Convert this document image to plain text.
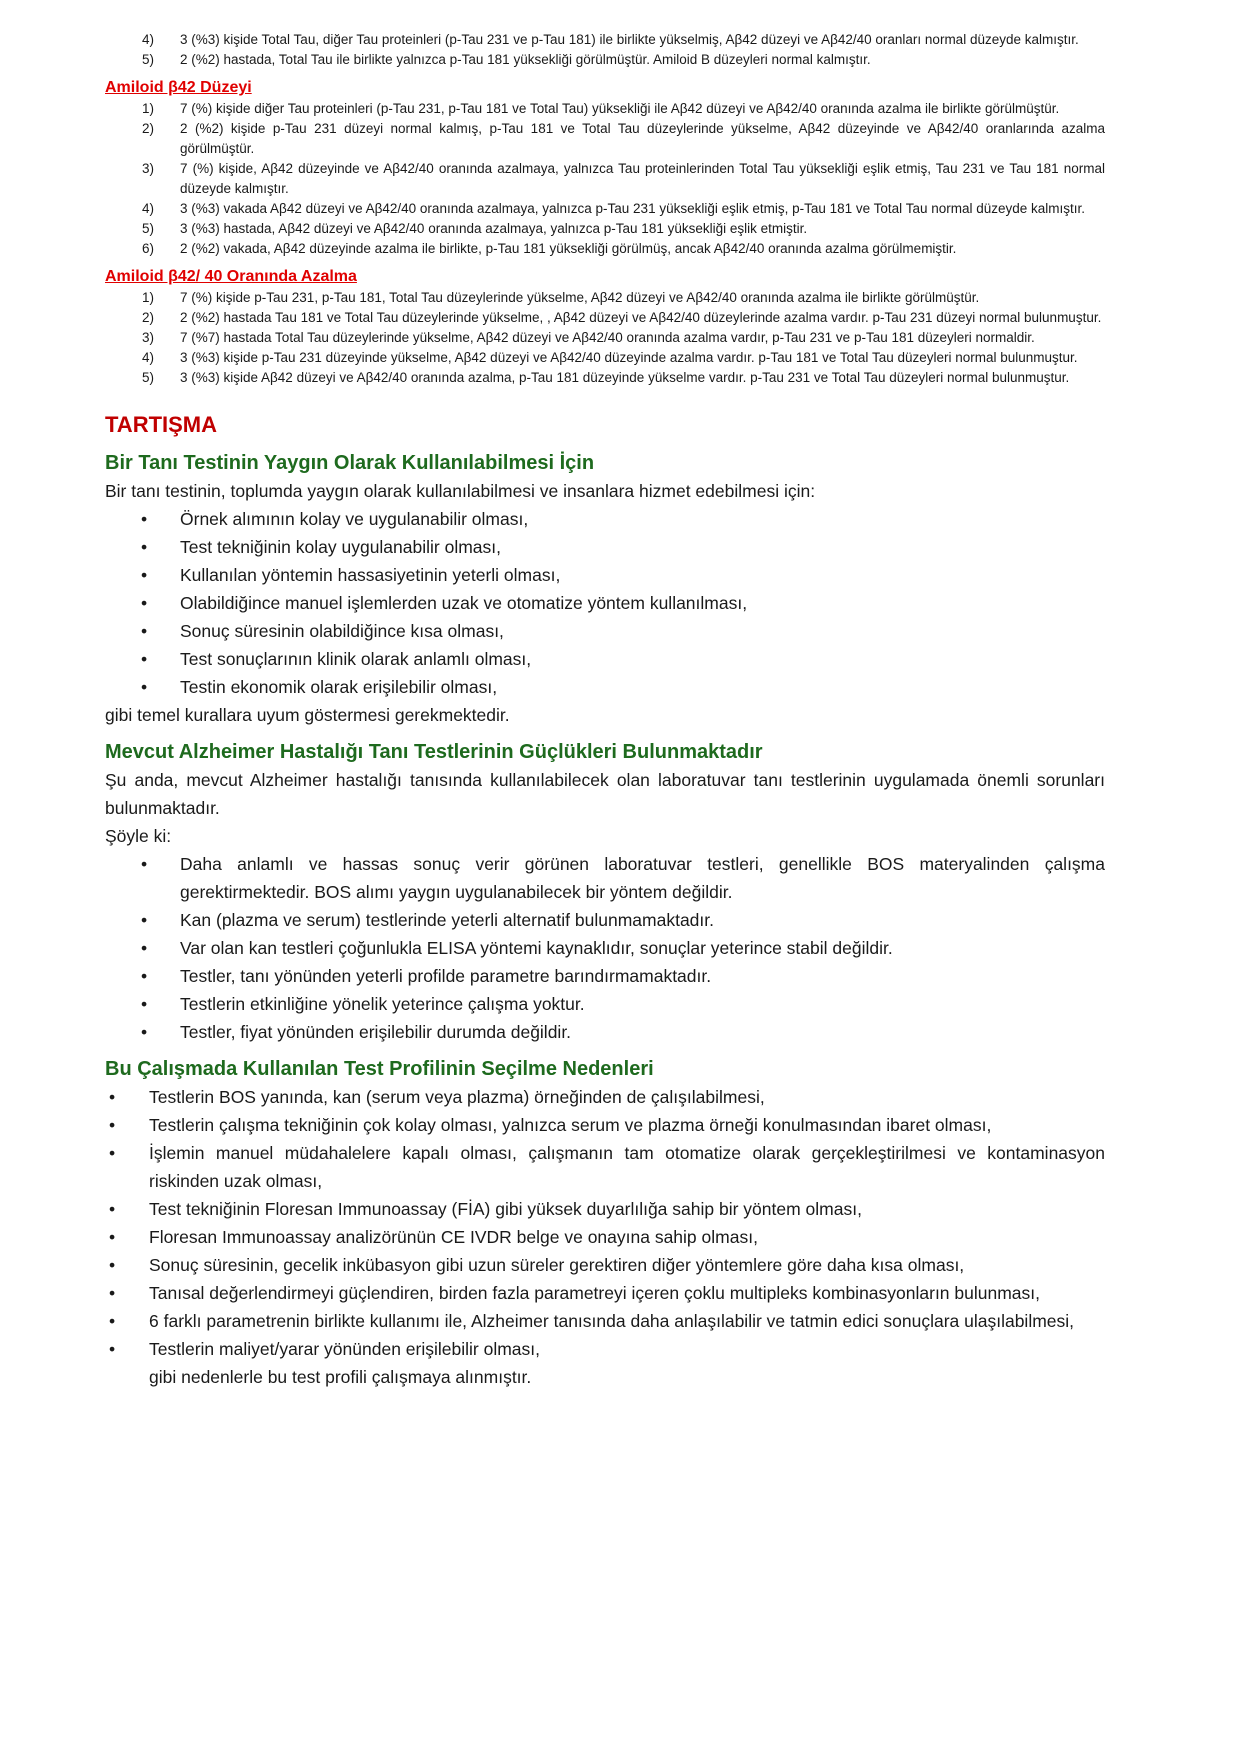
4)	3 (%3) kişide Total Tau, diğer Tau proteinleri (p-Tau 231 ve p-Tau 181) ile birlikte yükselmiş, Aβ42 düzeyi ve Aβ42/40 oranları normal düzeyde kalmıştır.
5)	2 (%2) hastada, Total Tau ile birlikte yalnızca p-Tau 181 yüksekliği görülmüştür. Amiloid B düzeyleri normal kalmıştır.
Amiloid β42 Düzeyi
1)	7 (%) kişide diğer Tau proteinleri (p-Tau 231, p-Tau 181 ve Total Tau) yüksekliği ile Aβ42 düzeyi ve Aβ42/40 oranında azalma ile birlikte görülmüştür.
2)	2 (%2) kişide p-Tau 231 düzeyi normal kalmış, p-Tau 181 ve Total Tau düzeylerinde yükselme, Aβ42 düzeyinde ve Aβ42/40 oranlarında azalma görülmüştür.
3)	7 (%) kişide, Aβ42 düzeyinde ve Aβ42/40 oranında azalmaya, yalnızca Tau proteinlerinden Total Tau yüksekliği eşlik etmiş, Tau 231 ve Tau 181 normal düzeyde kalmıştır.
4)	3 (%3) vakada Aβ42 düzeyi ve Aβ42/40 oranında azalmaya, yalnızca p-Tau 231 yüksekliği eşlik etmiş, p-Tau 181 ve Total Tau normal düzeyde kalmıştır.
5)	3 (%3) hastada, Aβ42 düzeyi ve Aβ42/40 oranında azalmaya, yalnızca p-Tau 181 yüksekliği eşlik etmiştir.
6)	2 (%2) vakada, Aβ42 düzeyinde azalma ile birlikte, p-Tau 181 yüksekliği görülmüş, ancak Aβ42/40 oranında azalma görülmemiştir.
Amiloid β42/ 40 Oranında Azalma
1)	7 (%) kişide p-Tau 231, p-Tau 181, Total Tau düzeylerinde yükselme, Aβ42 düzeyi ve Aβ42/40 oranında azalma ile birlikte görülmüştür.
2)	2 (%2) hastada Tau 181 ve Total Tau düzeylerinde yükselme, , Aβ42 düzeyi ve Aβ42/40 düzeylerinde azalma vardır. p-Tau 231 düzeyi normal bulunmuştur.
3)	7 (%7) hastada Total Tau düzeylerinde yükselme, Aβ42 düzeyi ve Aβ42/40 oranında azalma vardır, p-Tau 231 ve p-Tau 181 düzeyleri normaldir.
4)	3 (%3) kişide p-Tau 231 düzeyinde yükselme, Aβ42 düzeyi ve Aβ42/40 düzeyinde azalma vardır. p-Tau 181 ve Total Tau düzeyleri normal bulunmuştur.
5)	3 (%3) kişide Aβ42 düzeyi ve Aβ42/40 oranında azalma, p-Tau 181 düzeyinde yükselme vardır. p-Tau 231 ve Total Tau düzeyleri normal bulunmuştur.
TARTIŞMA
Bir Tanı Testinin Yaygın Olarak Kullanılabilmesi İçin

Bir tanı testinin, toplumda yaygın olarak kullanılabilmesi ve insanlara hizmet edebilmesi için:

•	Örnek alımının kolay ve uygulanabilir olması,
•	Test tekniğinin kolay uygulanabilir olması,
•	Kullanılan yöntemin hassasiyetinin yeterli olması,
•	Olabildiğince manuel işlemlerden uzak ve otomatize yöntem kullanılması,
•	Sonuç süresinin olabildiğince kısa olması,
•	Test sonuçlarının klinik olarak anlamlı olması,
•	Testin ekonomik olarak erişilebilir olması,

gibi temel kurallara uyum göstermesi gerekmektedir.

Mevcut Alzheimer Hastalığı Tanı Testlerinin Güçlükleri Bulunmaktadır

Şu anda, mevcut Alzheimer hastalığı tanısında kullanılabilecek olan laboratuvar tanı testlerinin uygulamada önemli sorunları bulunmaktadır.

Şöyle ki:

•	Daha anlamlı ve hassas sonuç verir görünen laboratuvar testleri, genellikle BOS materyalinden çalışma gerektirmektedir. BOS alımı yaygın uygulanabilecek bir yöntem değildir.
•	Kan (plazma ve serum) testlerinde yeterli alternatif bulunmamaktadır.
•	Var olan kan testleri çoğunlukla ELISA yöntemi kaynaklıdır, sonuçlar yeterince stabil değildir.
•	Testler, tanı yönünden yeterli profilde parametre barındırmamaktadır.
•	Testlerin etkinliğine yönelik yeterince çalışma yoktur.
•	Testler, fiyat yönünden erişilebilir durumda değildir.
Bu Çalışmada Kullanılan Test Profilinin Seçilme Nedenleri
•	Testlerin BOS yanında, kan (serum veya plazma) örneğinden de çalışılabilmesi,
•	Testlerin çalışma tekniğinin çok kolay olması, yalnızca serum ve plazma örneği konulmasından ibaret olması,
•	İşlemin manuel müdahalelere kapalı olması, çalışmanın tam otomatize olarak gerçekleştirilmesi ve kontaminasyon riskinden uzak olması,
•	Test tekniğinin Floresan Immunoassay (FİA) gibi yüksek duyarlılığa sahip bir yöntem olması,
•	Floresan Immunoassay analizörünün CE IVDR belge ve onayına sahip olması,
•	Sonuç süresinin, gecelik inkübasyon gibi uzun süreler gerektiren diğer yöntemlere göre daha kısa olması,
•	Tanısal değerlendirmeyi güçlendiren, birden fazla parametreyi içeren çoklu multipleks kombinasyonların bulunması,
•	6 farklı parametrenin birlikte kullanımı ile, Alzheimer tanısında daha anlaşılabilir ve tatmin edici sonuçlara ulaşılabilmesi,
•	Testlerin maliyet/yarar yönünden erişilebilir olması,

gibi nedenlerle bu test profili çalışmaya alınmıştır.
